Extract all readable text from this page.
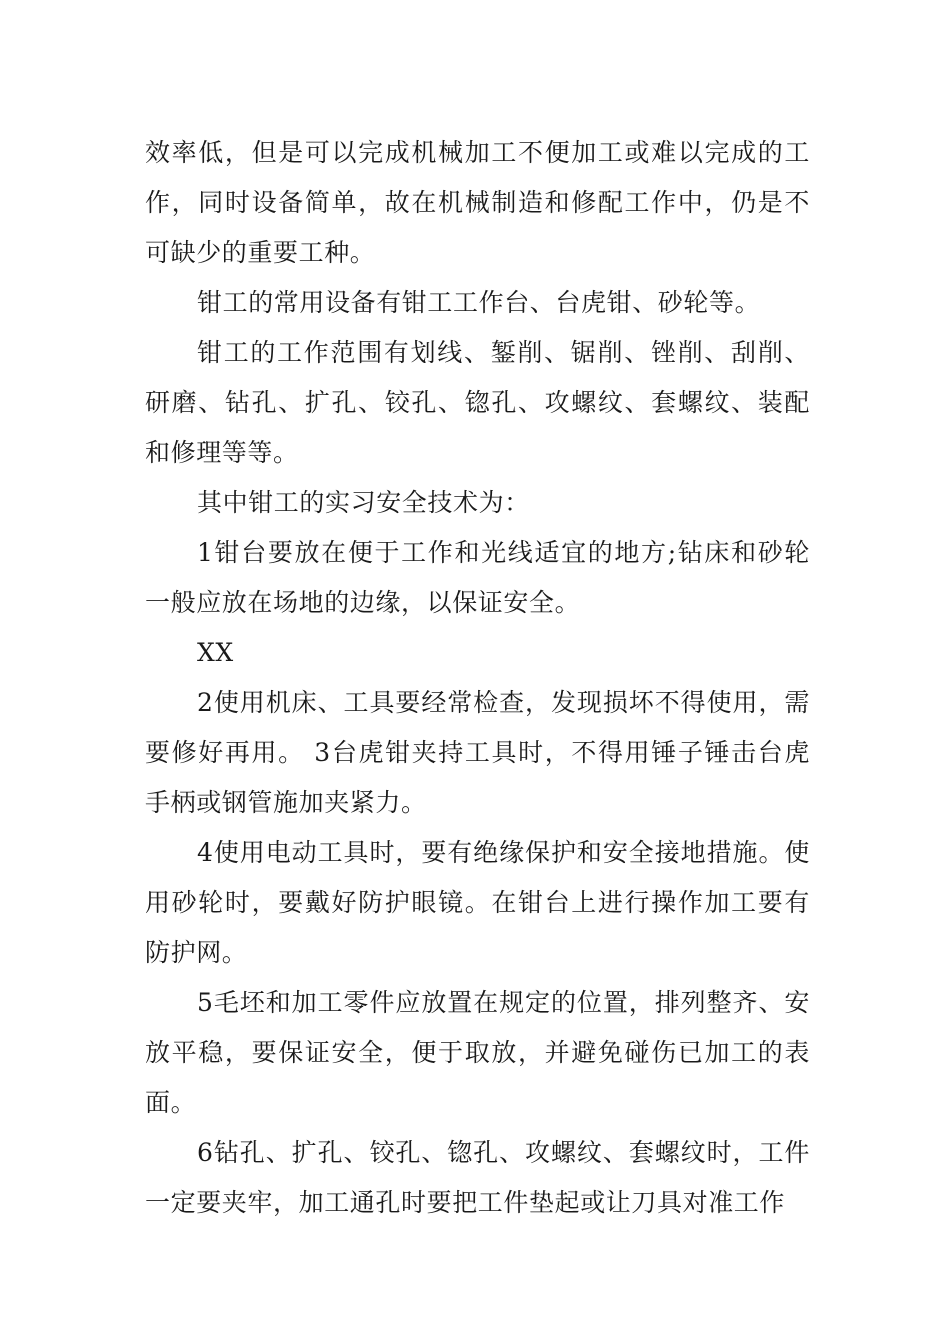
效率低，但是可以完成机械加工不便加工或难以完成的工作，同时设备简单，故在机械制造和修配工作中，仍是不可缺少的重要工种。

钳工的常用设备有钳工工作台、台虎钳、砂轮等。

钳工的工作范围有划线、錾削、锯削、锉削、刮削、研磨、钻孔、扩孔、铰孔、锪孔、攻螺纹、套螺纹、装配和修理等等。

其中钳工的实习安全技术为：

1钳台要放在便于工作和光线适宜的地方;钻床和砂轮一般应放在场地的边缘，以保证安全。

XX

2使用机床、工具要经常检查，发现损坏不得使用，需要修好再用。 3台虎钳夹持工具时，不得用锤子锤击台虎手柄或钢管施加夹紧力。

4使用电动工具时，要有绝缘保护和安全接地措施。使用砂轮时，要戴好防护眼镜。在钳台上进行操作加工要有防护网。

5毛坯和加工零件应放置在规定的位置，排列整齐、安放平稳，要保证安全，便于取放，并避免碰伤已加工的表面。

6钻孔、扩孔、铰孔、锪孔、攻螺纹、套螺纹时，工件一定要夹牢，加工通孔时要把工件垫起或让刀具对准工作
